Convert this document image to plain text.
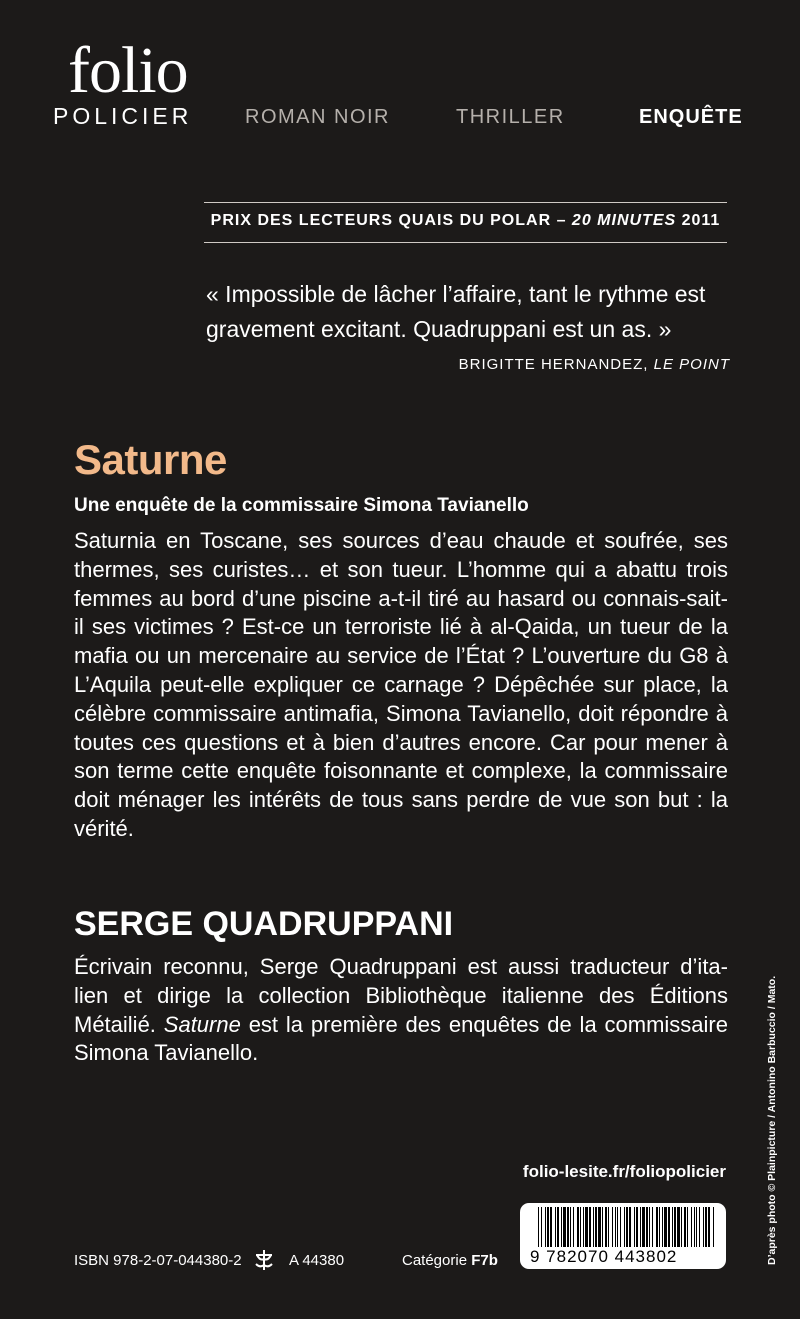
folio
POLICIER	ROMAN NOIR	THRILLER	ENQUÊTE
PRIX DES LECTEURS QUAIS DU POLAR – 20 MINUTES 2011
« Impossible de lâcher l’affaire, tant le rythme est gravement excitant. Quadruppani est un as. »
BRIGITTE HERNANDEZ, LE POINT
Saturne
Une enquête de la commissaire Simona Tavianello
Saturnia en Toscane, ses sources d’eau chaude et soufrée, ses thermes, ses curistes… et son tueur. L’homme qui a abattu trois femmes au bord d’une piscine a-t-il tiré au hasard ou connais-sait-il ses victimes ? Est-ce un terroriste lié à al-Qaida, un tueur de la mafia ou un mercenaire au service de l’État ? L’ouverture du G8 à L’Aquila peut-elle expliquer ce carnage ? Dépêchée sur place, la célèbre commissaire antimafia, Simona Tavianello, doit répondre à toutes ces questions et à bien d’autres encore. Car pour mener à son terme cette enquête foisonnante et complexe, la commissaire doit ménager les intérêts de tous sans perdre de vue son but : la vérité.
SERGE QUADRUPPANI
Écrivain reconnu, Serge Quadruppani est aussi traducteur d’ita-lien et dirige la collection Bibliothèque italienne des Éditions Métailié. Saturne est la première des enquêtes de la commissaire Simona Tavianello.
folio-lesite.fr/foliopolicier
ISBN 978-2-07-044380-2	A 44380	Catégorie F7b	9 782070 443802	D’après photo © Plainpicture / Antonino Barbuccio / Mato.
